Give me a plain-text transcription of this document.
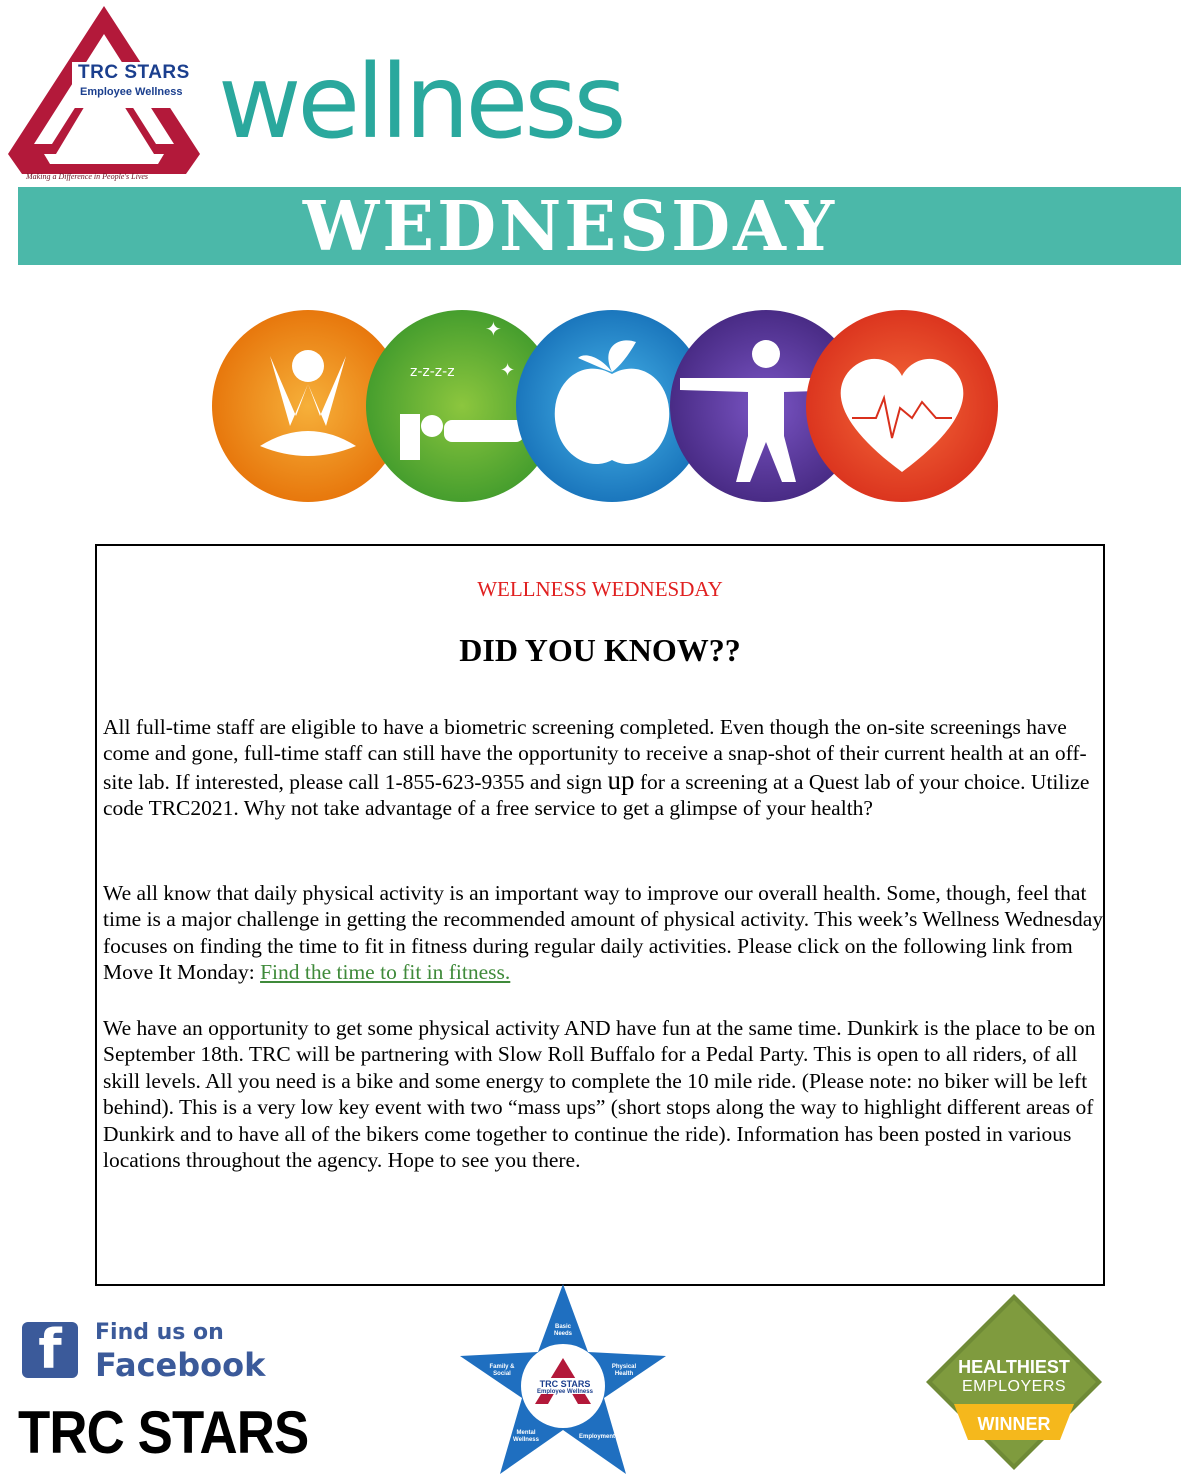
TRC STARS
Employee Wellness
Making a Difference in People's Lives
wellness
WEDNESDAY
z-z-z-z
✦
✦
WELLNESS WEDNESDAY
DID YOU KNOW??

All full-time staff are eligible to have a biometric screening completed. Even though the on-site screenings have come and gone, full-time staff can still have the opportunity to receive a snap-shot of their current health at an off-site lab. If interested, please call 1-855-623-9355 and sign up for a screening at a Quest lab of your choice. Utilize code TRC2021. Why not take advantage of a free service to get a glimpse of your health?

We all know that daily physical activity is an important way to improve our overall health. Some, though, feel that time is a major challenge in getting the recommended amount of physical activity. This week’s Wellness Wednesday focuses on finding the time to fit in fitness during regular daily activities. Please click on the following link from Move It Monday: Find the time to fit in fitness.

We have an opportunity to get some physical activity AND have fun at the same time. Dunkirk is the place to be on September 18th. TRC will be partnering with Slow Roll Buffalo for a Pedal Party. This is open to all riders, of all skill levels. All you need is a bike and some energy to complete the 10 mile ride. (Please note: no biker will be left behind). This is a very low key event with two “mass ups” (short stops along the way to highlight different areas of Dunkirk and to have all of the bikers come together to continue the ride). Information has been posted in various locations throughout the agency. Hope to see you there.

f	Find us on
Facebook
TRC STARS
Basic Needs
Family & Social
Physical Health
Mental Wellness	Employment
TRC STARS
Employee Wellness
HEALTHIEST
EMPLOYERS
WINNER
